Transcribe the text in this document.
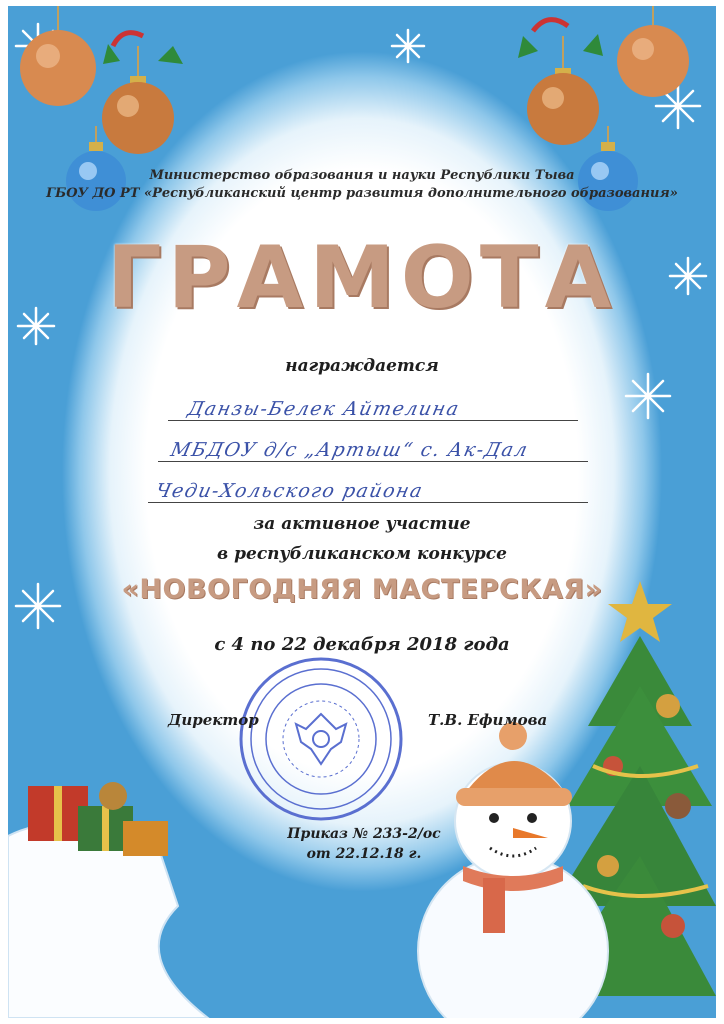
Министерство образования и науки Республики Тыва

ГБОУ ДО РТ «Республиканский центр развития дополнительного образования»

ГРАМОТА

награждается

Данзы-Белек Айтелина
МБДОУ д/с „Артыш“ с. Ак-Дал
Чеди-Хольского района

за активное участие

в республиканском конкурсе

«НОВОГОДНЯЯ МАСТЕРСКАЯ»

с 4 по 22 декабря 2018 года

Директор	Т.В. Ефимова

Приказ № 233-2/ос

от 22.12.18 г.
